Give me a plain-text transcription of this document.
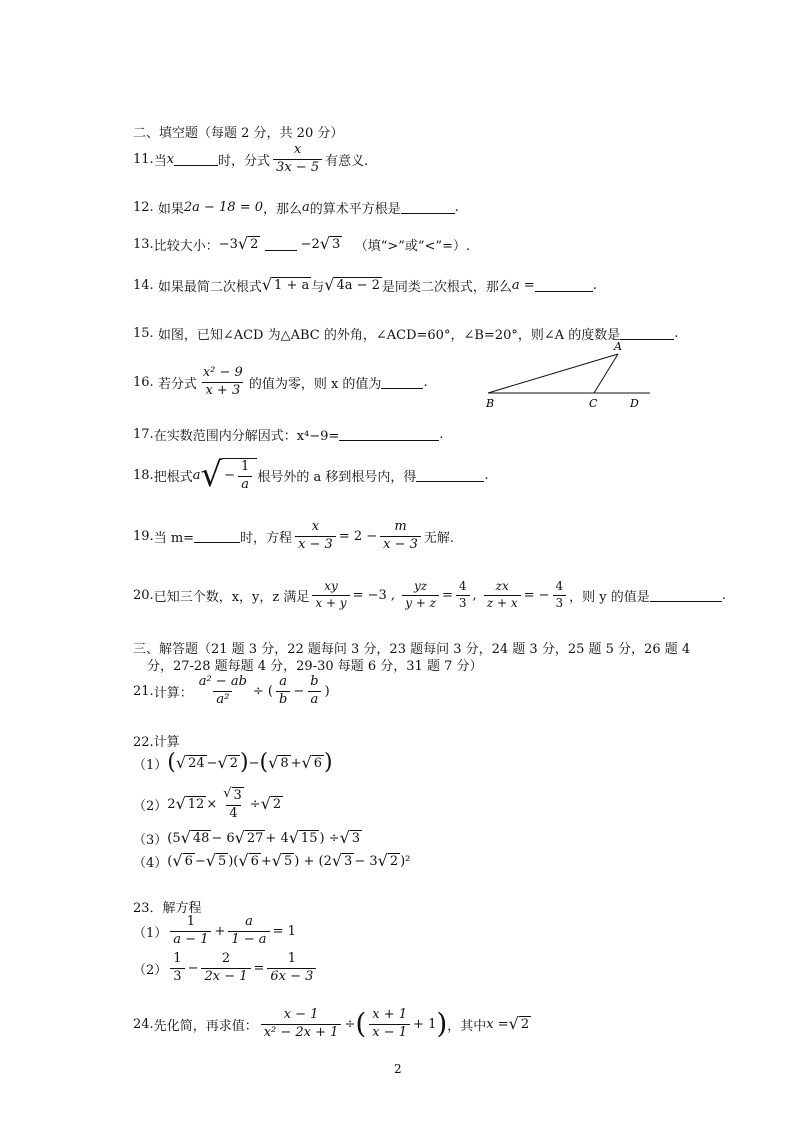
二、填空题（每题 2 分，共 20 分）
11. 当 x	时，分式 $\frac{x}{3x - 5}$ 有意义.
12.
如果 2a − 18 = 0 ，那么 a 的算术平方根是	.
13. 比较大小： −3 √ 2

	−2 √ 3
（填“>”或“<”=）.
14.
如果最简二次根式 √ 1 + a 与 √ 4a − 2 是同类二次根式，那么 a =	.
15.
如图，已知∠ACD 为△ABC 的外角，∠ACD=60°，∠B=20°，则∠A 的度数是	.
A
B	C	D
16.
若分式 $\frac{\text{x² − 9}}{x + 3}$ 的值为零，则 x 的值为	.
17. 在实数范围内分解因式：x⁴−9=	.
18. 把根式 a √ − $\frac{1}{a}$ 根号外的 a 移到根号内，得	.
19. 当 m=	时，方程 $\frac{x}{x - 3} = 2 - \frac{m}{x - 3}$ 无解.
20. 已知三个数，x，y，z 满足 $\frac{xy}{x + y} = -3$ ,
$\frac{yz}{y + z} = \frac{4}{3}$ ,
$\frac{zx}{z + x}$ = − $\frac{4}{3}$ ，则 y 的值是	.
三、解答题（21 题 3 分，22 题每问 3 分，23 题每问 3 分，24 题 3 分，25 题 5 分，26 题 4
分，27-28 题每题 4 分，29-30 每题 6 分，31 题 7 分）
21. 计算： $\frac{\text{a² − ab}}{\text{a²}}$ ÷ ( $\frac{a}{b} - \frac{b}{a}$ )
22.计算
（1） ( √ 24 − √ 2 ) − ( √ 8 + √ 6 )
（2） 2 √ $12 \times \frac{√ 3}{4}$ ÷ √ 2
（3） (5 √ 48 − 6 √ 27 + 4 √ 15 ) ÷ √ 3
（4） ( √ 6 − √ 5 )( √ 6 + √ 5 ) + (2 √ 3 − 3 √ 2 )²
23．解方程
$(1) \frac{1}{a - 1} + \frac{a}{1 - a} = 1$
$(2) \frac{1}{3} - \frac{2}{2x - 1} = \frac{1}{6x - 3}$
24. 先化简，再求值： $\frac{x - 1}{\text{x² − 2x + 1}}$ ÷ ( $\frac{x + 1}{x - 1} + 1$ ) ，其中 x = √ 2
2
